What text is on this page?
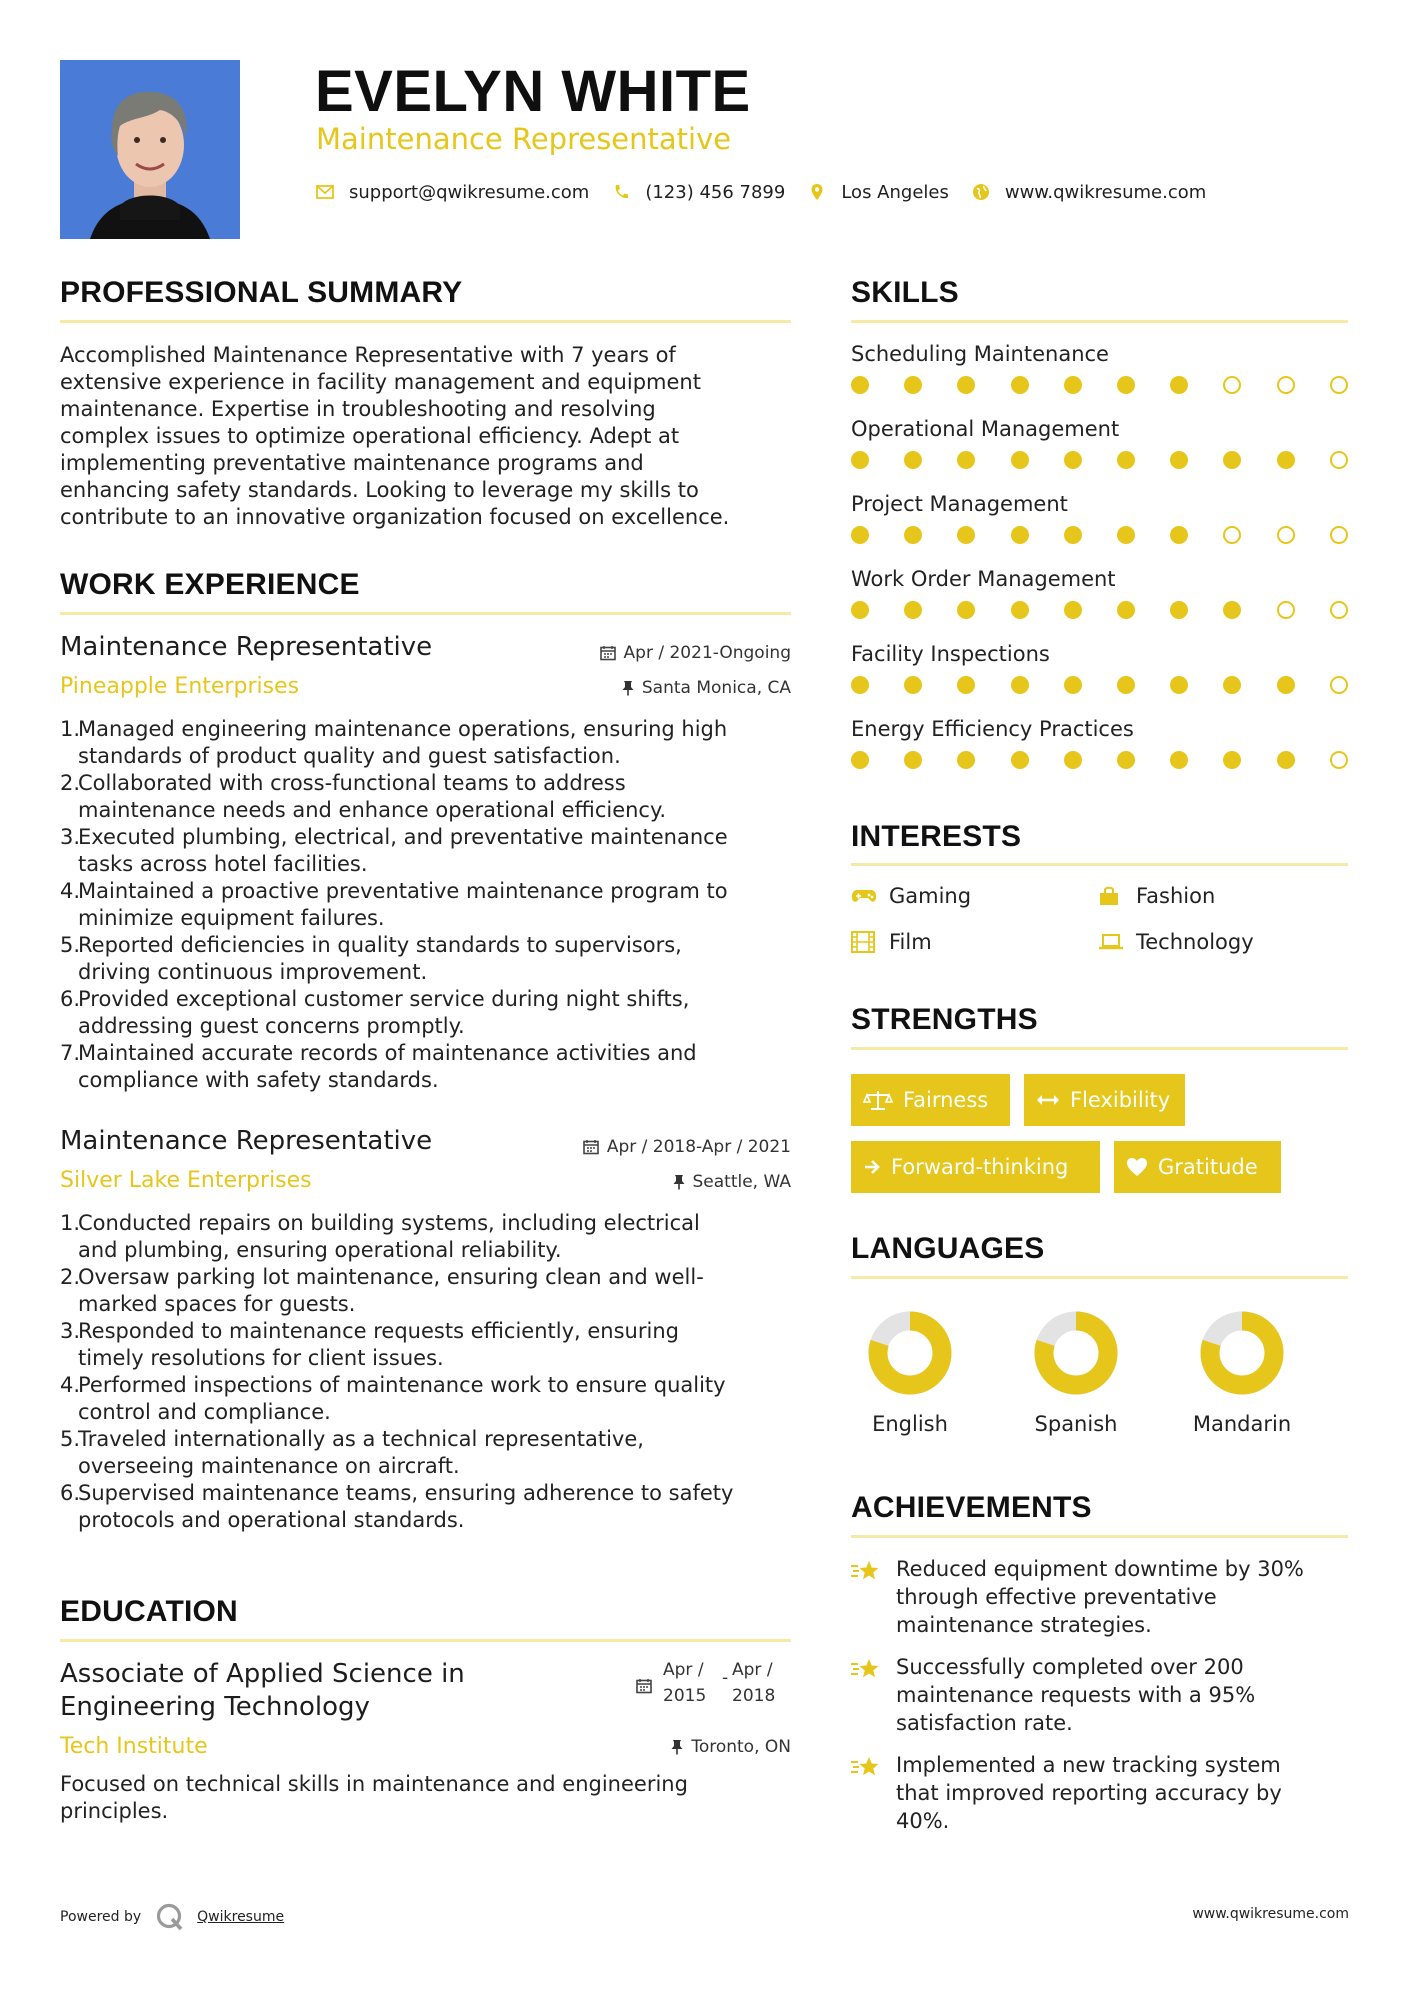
EVELYN WHITE
Maintenance Representative
support@qwikresume.com	(123) 456 7899	Los Angeles	www.qwikresume.com
PROFESSIONAL SUMMARY
Accomplished Maintenance Representative with 7 years of
extensive experience in facility management and equipment
maintenance. Expertise in troubleshooting and resolving
complex issues to optimize operational efficiency. Adept at
implementing preventative maintenance programs and
enhancing safety standards. Looking to leverage my skills to
contribute to an innovative organization focused on excellence.
WORK EXPERIENCE
Maintenance Representative	Apr / 2021-Ongoing
Pineapple Enterprises	Santa Monica, CA
1.
Managed engineering maintenance operations, ensuring high
standards of product quality and guest satisfaction.
2.
Collaborated with cross-functional teams to address
maintenance needs and enhance operational efficiency.
3.
Executed plumbing, electrical, and preventative maintenance
tasks across hotel facilities.
4.
Maintained a proactive preventative maintenance program to
minimize equipment failures.
5.
Reported deficiencies in quality standards to supervisors,
driving continuous improvement.
6.
Provided exceptional customer service during night shifts,
addressing guest concerns promptly.
7.
Maintained accurate records of maintenance activities and
compliance with safety standards.
Maintenance Representative	Apr / 2018-Apr / 2021
Silver Lake Enterprises	Seattle, WA
1.
Conducted repairs on building systems, including electrical
and plumbing, ensuring operational reliability.
2.
Oversaw parking lot maintenance, ensuring clean and well-
marked spaces for guests.
3.
Responded to maintenance requests efficiently, ensuring
timely resolutions for client issues.
4.
Performed inspections of maintenance work to ensure quality
control and compliance.
5.
Traveled internationally as a technical representative,
overseeing maintenance on aircraft.
6.
Supervised maintenance teams, ensuring adherence to safety
protocols and operational standards.
EDUCATION
Associate of Applied Science in
Engineering Technology
Apr /
2015
- Apr /
2018
Tech Institute	Toronto, ON
Focused on technical skills in maintenance and engineering
principles.
SKILLS
Scheduling Maintenance
Operational Management
Project Management
Work Order Management
Facility Inspections
Energy Efficiency Practices
INTERESTS
Gaming	Fashion
Film	Technology
STRENGTHS
Fairness	Flexibility
Forward-thinking	Gratitude
LANGUAGES
English	Spanish	Mandarin
ACHIEVEMENTS
Reduced equipment downtime by 30%
through effective preventative
maintenance strategies.
Successfully completed over 200
maintenance requests with a 95%
satisfaction rate.
Implemented a new tracking system
that improved reporting accuracy by
40%.
Powered by	Qwikresume	www.qwikresume.com
